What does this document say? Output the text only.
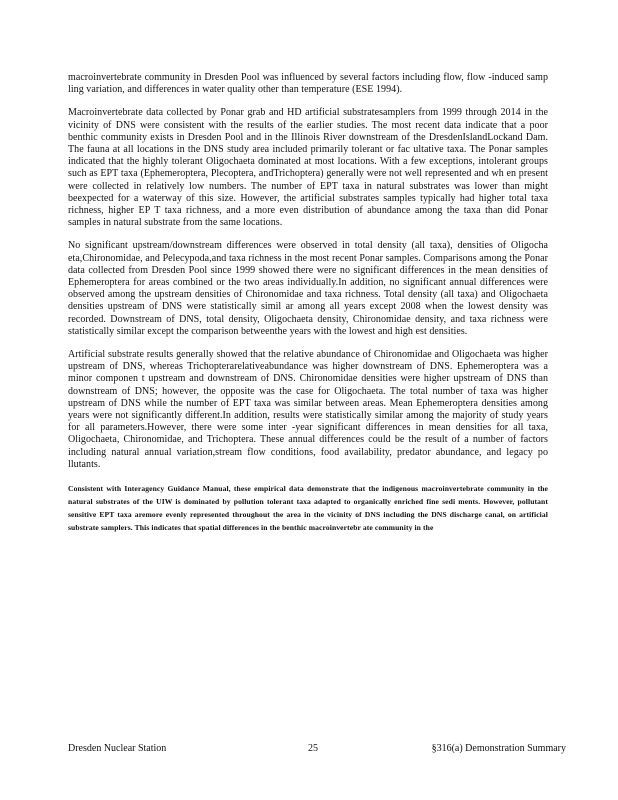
macroinvertebrate community in Dresden Pool was influenced by several factors including flow, flow -induced samp ling variation, and differences in water quality other than temperature (ESE 1994).

Macroinvertebrate data collected by Ponar grab and HD artificial substratesamplers from 1999 through 2014 in the vicinity of DNS were consistent with the results of the earlier studies. The most recent data indicate that a poor benthic community exists in Dresden Pool and in the Illinois River downstream of the DresdenIslandLockand Dam. The fauna at all locations in the DNS study area included primarily tolerant or fac ultative taxa. The Ponar samples indicated that the highly tolerant Oligochaeta dominated at most locations. With a few exceptions, intolerant groups such as EPT taxa (Ephemeroptera, Plecoptera, andTrichoptera) generally were not well represented and wh en present were collected in relatively low numbers. The number of EPT taxa in natural substrates was lower than might beexpected for a waterway of this size. However, the artificial substrates samples typically had higher total taxa richness, higher EP T taxa richness, and a more even distribution of abundance among the taxa than did Ponar samples in natural substrate from the same locations.

No significant upstream/downstream differences were observed in total density (all taxa), densities of Oligocha eta,Chironomidae, and Pelecypoda,and taxa richness in the most recent Ponar samples. Comparisons among the Ponar data collected from Dresden Pool since 1999 showed there were no significant differences in the mean densities of Ephemeroptera for areas combined or the two areas individually.In addition, no significant annual differences were observed among the upstream densities of Chironomidae and taxa richness. Total density (all taxa) and Oligochaeta densities upstream of DNS were statistically simil ar among all years except 2008 when the lowest density was recorded. Downstream of DNS, total density, Oligochaeta density, Chironomidae density, and taxa richness were statistically similar except the comparison betweenthe years with the lowest and high est densities.

Artificial substrate results generally showed that the relative abundance of Chironomidae and Oligochaeta was higher upstream of DNS, whereas Trichopterarelativeabundance was higher downstream of DNS. Ephemeroptera was a minor componen t upstream and downstream of DNS. Chironomidae densities were higher upstream of DNS than downstream of DNS; however, the opposite was the case for Oligochaeta. The total number of taxa was higher upstream of DNS while the number of EPT taxa was similar between areas. Mean Ephemeroptera densities among years were not significantly different.In addition, results were statistically similar among the majority of study years for all parameters.However, there were some inter -year significant differences in mean densities for all taxa, Oligochaeta, Chironomidae, and Trichoptera. These annual differences could be the result of a number of factors including natural annual variation,stream flow conditions, food availability, predator abundance, and legacy po llutants.

Consistent with Interagency Guidance Manual, these empirical data demonstrate that the indigenous macroinvertebrate community in the natural substrates of the UIW is dominated by pollution tolerant taxa adapted to organically enriched fine sedi ments. However, pollutant sensitive EPT taxa aremore evenly represented throughout the area in the vicinity of DNS including the DNS discharge canal, on artificial substrate samplers. This indicates that spatial differences in the benthic macroinvertebr ate community in the

Dresden Nuclear Station	25	§316(a) Demonstration Summary
